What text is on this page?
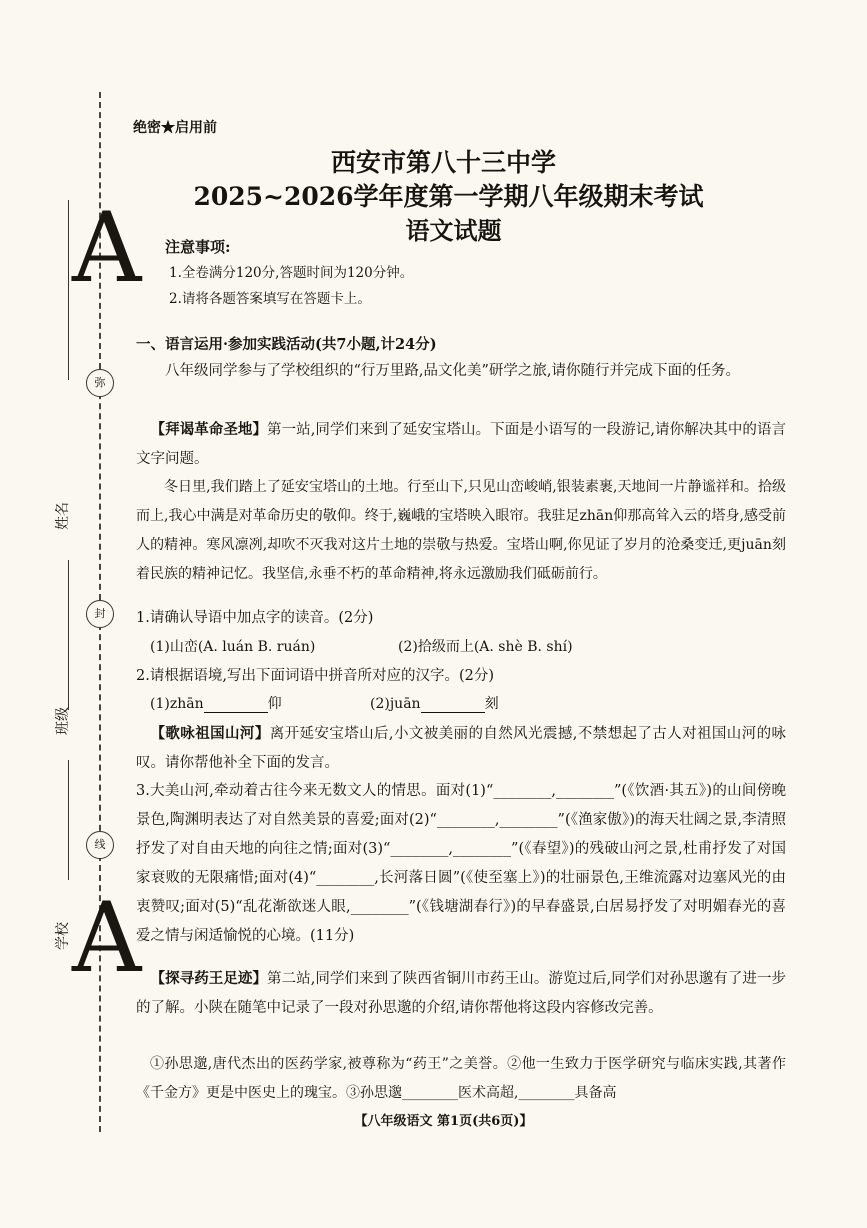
弥
封
线
A
A
姓名
班级
学校
绝密★启用前
西安市第八十三中学
2025~2026学年度第一学期八年级期末考试
语文试题
注意事项:
1.全卷满分120分,答题时间为120分钟。
2.请将各题答案填写在答题卡上。
一、语言运用·参加实践活动(共7小题,计24分)
八年级同学参与了学校组织的“行万里路,品文化美”研学之旅,请你随行并完成下面的任务。
【拜谒革命圣地】第一站,同学们来到了延安宝塔山。下面是小语写的一段游记,请你解决其中的语言文字问题。
冬日里,我们踏上了延安宝塔山的土地。行至山下,只见山峦峻峭,银装素裹,天地间一片静谧祥和。拾级而上,我心中满是对革命历史的敬仰。终于,巍峨的宝塔映入眼帘。我驻足zhān仰那高耸入云的塔身,感受前人的精神。寒风凛冽,却吹不灭我对这片土地的崇敬与热爱。宝塔山啊,你见证了岁月的沧桑变迁,更juān刻着民族的精神记忆。我坚信,永垂不朽的革命精神,将永远激励我们砥砺前行。
1.请确认导语中加点字的读音。(2分)
(1)山峦(A. luán B. ruán)	(2)拾级而上(A. shè B. shí)
2.请根据语境,写出下面词语中拼音所对应的汉字。(2分)
(1)zhān	仰	(2)juān	刻
【歌咏祖国山河】离开延安宝塔山后,小文被美丽的自然风光震撼,不禁想起了古人对祖国山河的咏叹。请你帮他补全下面的发言。
3.大美山河,牵动着古往今来无数文人的情思。面对(1)“________,________”(《饮酒·其五》)的山间傍晚景色,陶渊明表达了对自然美景的喜爱;面对(2)“________,________”(《渔家傲》)的海天壮阔之景,李清照抒发了对自由天地的向往之情;面对(3)“________,________”(《春望》)的残破山河之景,杜甫抒发了对国家衰败的无限痛惜;面对(4)“________,长河落日圆”(《使至塞上》)的壮丽景色,王维流露对边塞风光的由衷赞叹;面对(5)“乱花渐欲迷人眼,________”(《钱塘湖春行》)的早春盛景,白居易抒发了对明媚春光的喜爱之情与闲适愉悦的心境。(11分)
【探寻药王足迹】第二站,同学们来到了陕西省铜川市药王山。游览过后,同学们对孙思邈有了进一步的了解。小陕在随笔中记录了一段对孙思邈的介绍,请你帮他将这段内容修改完善。
①孙思邈,唐代杰出的医药学家,被尊称为“药王”之美誉。②他一生致力于医学研究与临床实践,其著作《千金方》更是中医史上的瑰宝。③孙思邈________医术高超,________具备高
【八年级语文 第1页(共6页)】
